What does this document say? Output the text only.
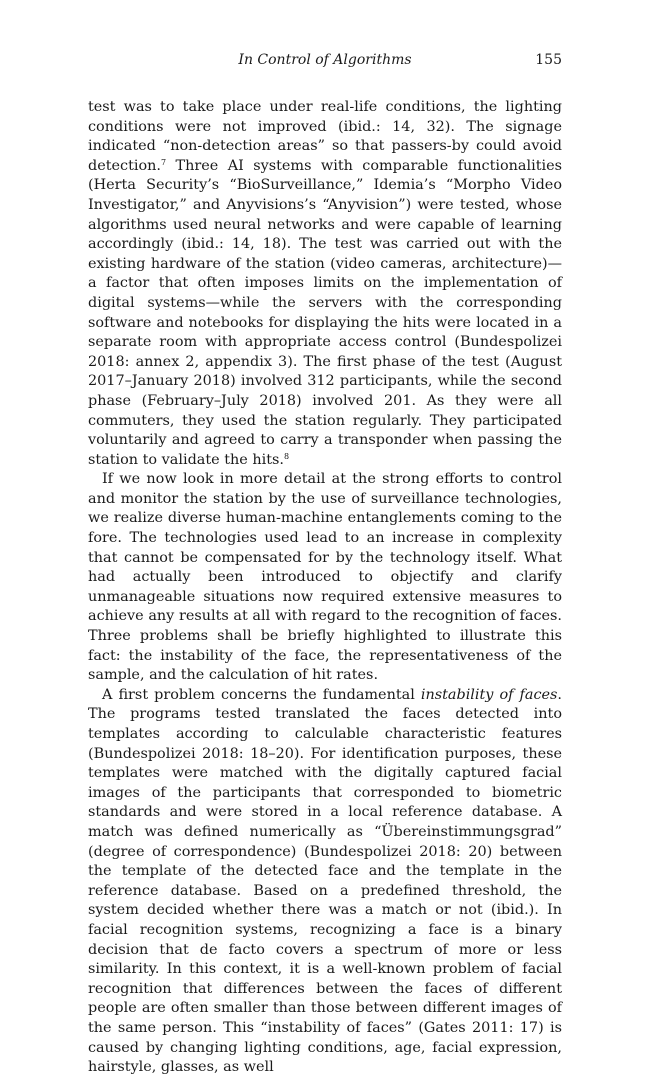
In Control of Algorithms	155

test was to take place under real-life conditions, the lighting conditions were not improved (ibid.: 14, 32). The signage indicated “non-detection areas” so that passers-by could avoid detection.$^7$ Three AI systems with comparable functionalities (Herta Security’s “BioSurveillance,” Idemia’s “Morpho Video Investigator,” and Anyvisions’s “Anyvision”) were tested, whose algorithms used neural networks and were capable of learning accordingly (ibid.: 14, 18). The test was carried out with the existing hardware of the station (video cameras, architecture)—a factor that often imposes limits on the implementation of digital systems—while the servers with the corresponding software and notebooks for displaying the hits were located in a separate room with appropriate access control (Bundespolizei 2018: annex 2, appendix 3). The first phase of the test (August 2017–January 2018) involved 312 participants, while the second phase (February–July 2018) involved 201. As they were all commuters, they used the station regularly. They participated voluntarily and agreed to carry a transponder when passing the station to validate the hits.$^8$

If we now look in more detail at the strong efforts to control and monitor the station by the use of surveillance technologies, we realize diverse human-machine entanglements coming to the fore. The technologies used lead to an increase in complexity that cannot be compensated for by the technology itself. What had actually been introduced to objectify and clarify unmanageable situations now required extensive measures to achieve any results at all with regard to the recognition of faces. Three problems shall be briefly highlighted to illustrate this fact: the instability of the face, the representativeness of the sample, and the calculation of hit rates.

A first problem concerns the fundamental instability of faces. The programs tested translated the faces detected into templates according to calculable characteristic features (Bundespolizei 2018: 18–20). For identification purposes, these templates were matched with the digitally captured facial images of the participants that corresponded to biometric standards and were stored in a local reference database. A match was defined numerically as “Übereinstimmungsgrad” (degree of correspondence) (Bundespolizei 2018: 20) between the template of the detected face and the template in the reference database. Based on a predefined threshold, the system decided whether there was a match or not (ibid.). In facial recognition systems, recognizing a face is a binary decision that de facto covers a spectrum of more or less similarity. In this context, it is a well-known problem of facial recognition that differences between the faces of different people are often smaller than those between different images of the same person. This “instability of faces” (Gates 2011: 17) is caused by changing lighting conditions, age, facial expression, hairstyle, glasses, as well
